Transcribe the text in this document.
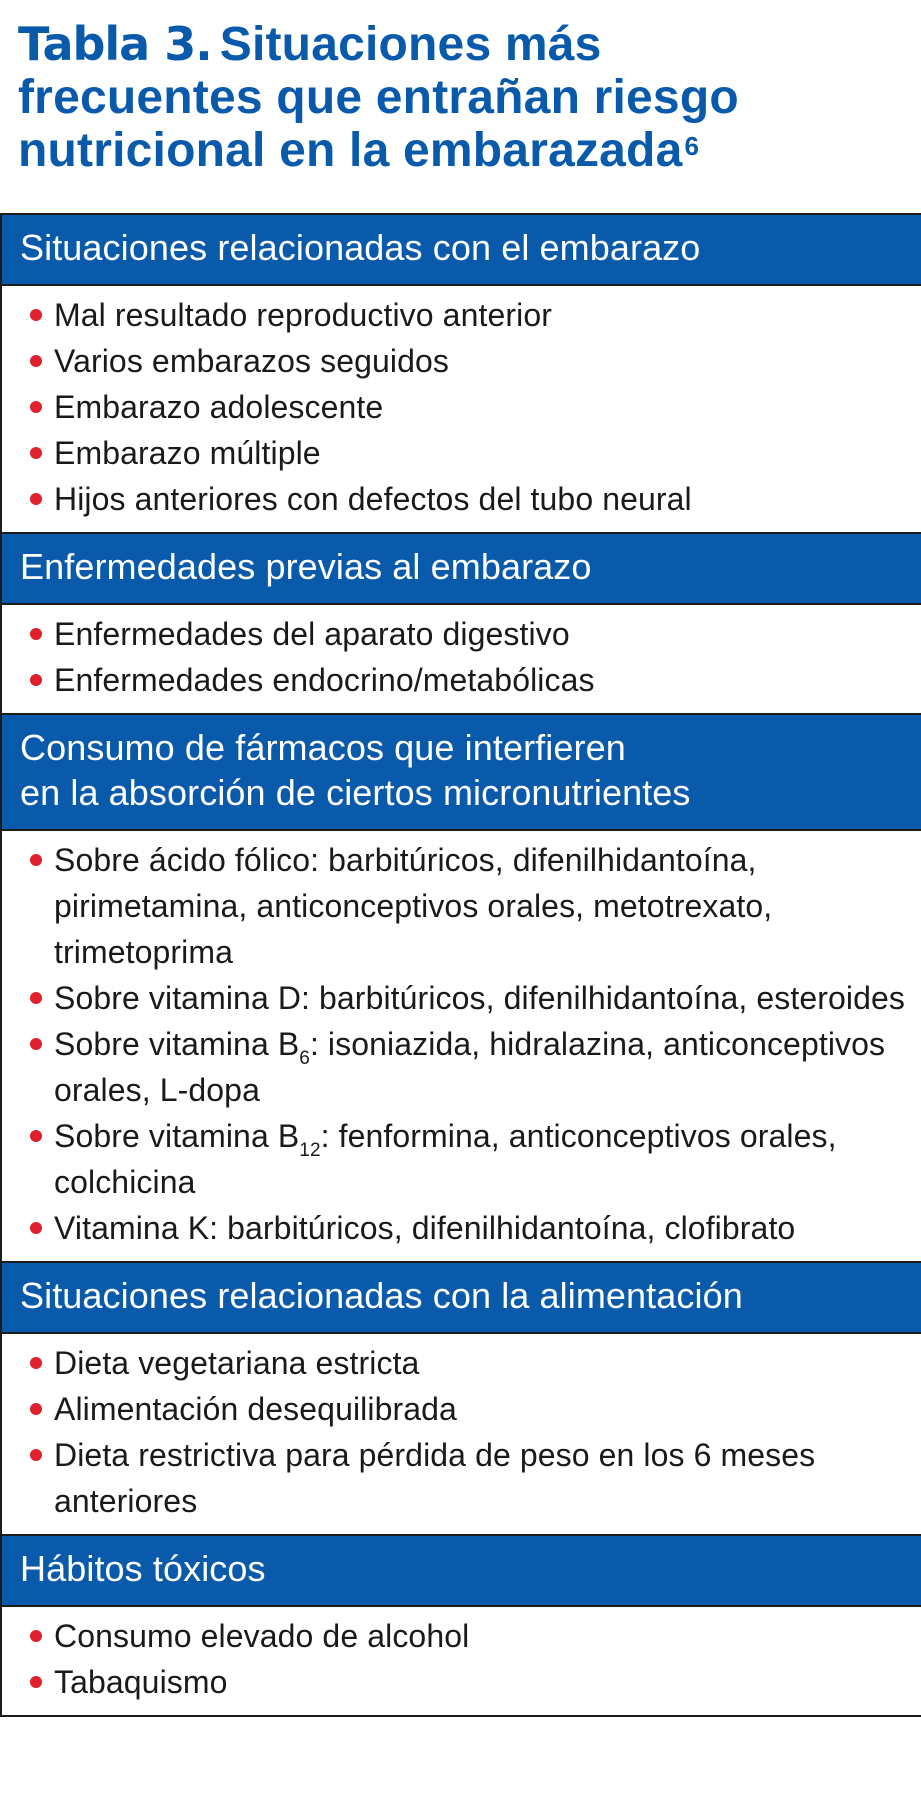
Tabla 3. Situaciones más
frecuentes que entrañan riesgo
nutricional en la embarazada$^6$
Situaciones relacionadas con el embarazo
Mal resultado reproductivo anterior
Varios embarazos seguidos
Embarazo adolescente
Embarazo múltiple
Hijos anteriores con defectos del tubo neural
Enfermedades previas al embarazo
Enfermedades del aparato digestivo
Enfermedades endocrino/metabólicas
Consumo de fármacos que interfieren
en la absorción de ciertos micronutrientes
Sobre ácido fólico: barbitúricos, difenilhidantoína, pirimetamina, anticonceptivos orales, metotrexato, trimetoprima
Sobre vitamina D: barbitúricos, difenilhidantoína, esteroides
Sobre vitamina $B_6$: isoniazida, hidralazina, anticonceptivos orales, L-dopa
Sobre vitamina $B_{12}$: fenformina, anticonceptivos orales, colchicina
Vitamina K: barbitúricos, difenilhidantoína, clofibrato
Situaciones relacionadas con la alimentación
Dieta vegetariana estricta
Alimentación desequilibrada
Dieta restrictiva para pérdida de peso en los 6 meses anteriores
Hábitos tóxicos
Consumo elevado de alcohol
Tabaquismo
